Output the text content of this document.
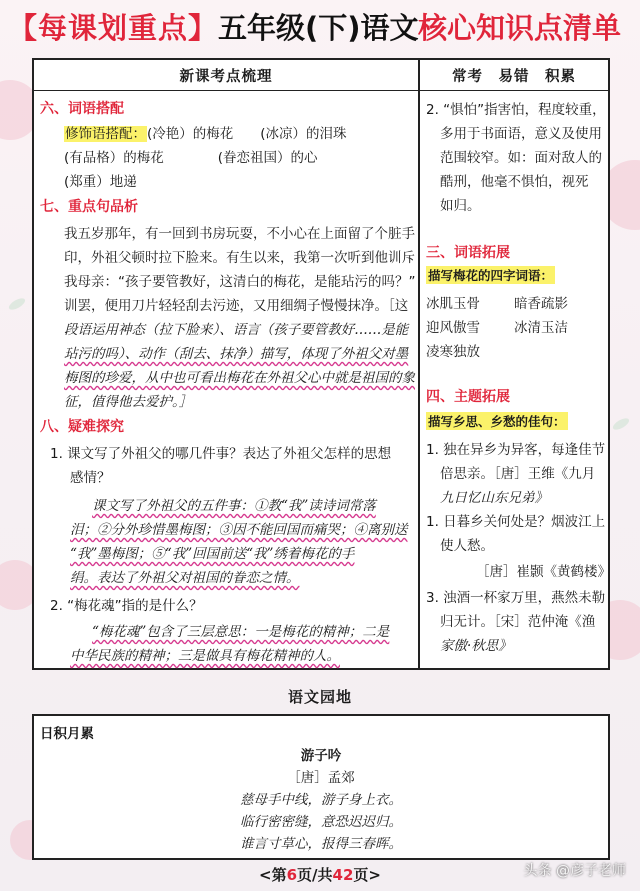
【每课划重点】 五年级(下)语文 核心知识点清单
新课考点梳理
六、词语搭配
修饰语搭配：(冷艳）的梅花　　(冰凉）的泪珠
(有品格）的梅花　　　　(眷恋祖国）的心
(郑重）地递
七、重点句品析
我五岁那年，有一回到书房玩耍，不小心在上面留了个脏手
印，外祖父顿时拉下脸来。有生以来，我第一次听到他训斥
我母亲：“孩子要管教好，这清白的梅花，是能玷污的吗？”
训罢，便用刀片轻轻刮去污迹，又用细绸子慢慢抹净。［这
段语运用神态（拉下脸来）、语言（孩子要管教好……是能
玷污的吗）、动作（刮去、抹净）描写，体现了外祖父对墨
梅图的珍爱，从中也可看出梅花在外祖父心中就是祖国的象
征，值得他去爱护。］
八、疑难探究
1. 课文写了外祖父的哪几件事？表达了外祖父怎样的思想
感情？
课文写了外祖父的五件事：①教“我”读诗词常落
泪；②分外珍惜墨梅图；③因不能回国而痛哭；④离别送
“我”墨梅图；⑤“我”回国前送“我”绣着梅花的手
绢。表达了外祖父对祖国的眷恋之情。
2. “梅花魂”指的是什么？
“梅花魂”包含了三层意思：一是梅花的精神；二是
中华民族的精神；三是做具有梅花精神的人。
常考　易错　积累
2. “惧怕”指害怕，程度较重，
多用于书面语，意义及使用
范围较窄。如：面对敌人的
酷刑，他毫不惧怕，视死
如归。
三、词语拓展
描写梅花的四字词语：
冰肌玉骨	暗香疏影
迎风傲雪	冰清玉洁
凌寒独放
四、主题拓展
描写乡思、乡愁的佳句：
1. 独在异乡为异客，每逢佳节
倍思亲。［唐］王维《九月
九日忆山东兄弟》
1. 日暮乡关何处是？烟波江上
使人愁。
［唐］崔颢《黄鹤楼》
3. 浊酒一杯家万里，燕然未勒
归无计。［宋］范仲淹《渔
家傲·秋思》
语文园地
日积月累
游子吟
［唐］孟郊
慈母手中线，游子身上衣。
临行密密缝，意恐迟迟归。
谁言寸草心，报得三春晖。
<第6页/共42页>	头条 @彦子老师
